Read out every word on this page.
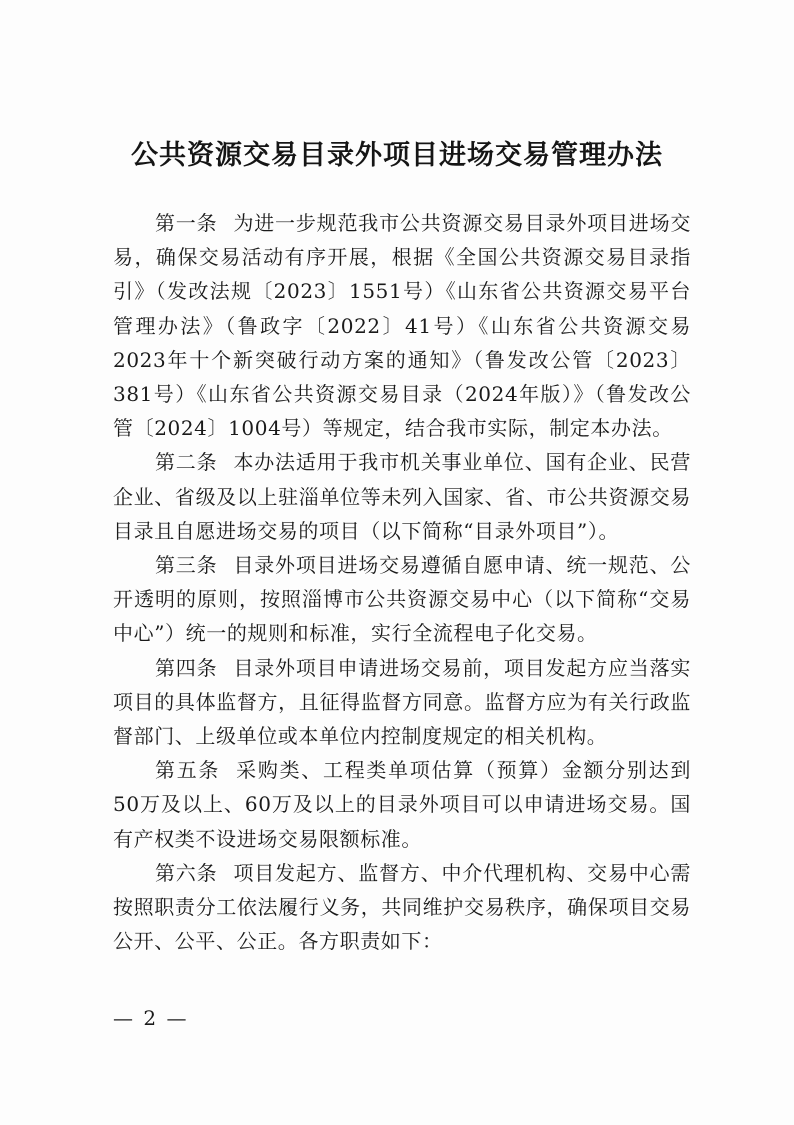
公共资源交易目录外项目进场交易管理办法

第一条 为进一步规范我市公共资源交易目录外项目进场交易，确保交易活动有序开展，根据《全国公共资源交易目录指引》（发改法规〔2023〕1551号）《山东省公共资源交易平台管理办法》（鲁政字〔2022〕41号）《山东省公共资源交易2023年十个新突破行动方案的通知》（鲁发改公管〔2023〕381号）《山东省公共资源交易目录（2024年版）》（鲁发改公管〔2024〕1004号）等规定，结合我市实际，制定本办法。

第二条 本办法适用于我市机关事业单位、国有企业、民营企业、省级及以上驻淄单位等未列入国家、省、市公共资源交易目录且自愿进场交易的项目（以下简称“目录外项目”）。

第三条 目录外项目进场交易遵循自愿申请、统一规范、公开透明的原则，按照淄博市公共资源交易中心（以下简称“交易中心”）统一的规则和标准，实行全流程电子化交易。

第四条 目录外项目申请进场交易前，项目发起方应当落实项目的具体监督方，且征得监督方同意。监督方应为有关行政监督部门、上级单位或本单位内控制度规定的相关机构。

第五条 采购类、工程类单项估算（预算）金额分别达到50万及以上、60万及以上的目录外项目可以申请进场交易。国有产权类不设进场交易限额标准。

第六条 项目发起方、监督方、中介代理机构、交易中心需按照职责分工依法履行义务，共同维护交易秩序，确保项目交易公开、公平、公正。各方职责如下：

— 2 —
